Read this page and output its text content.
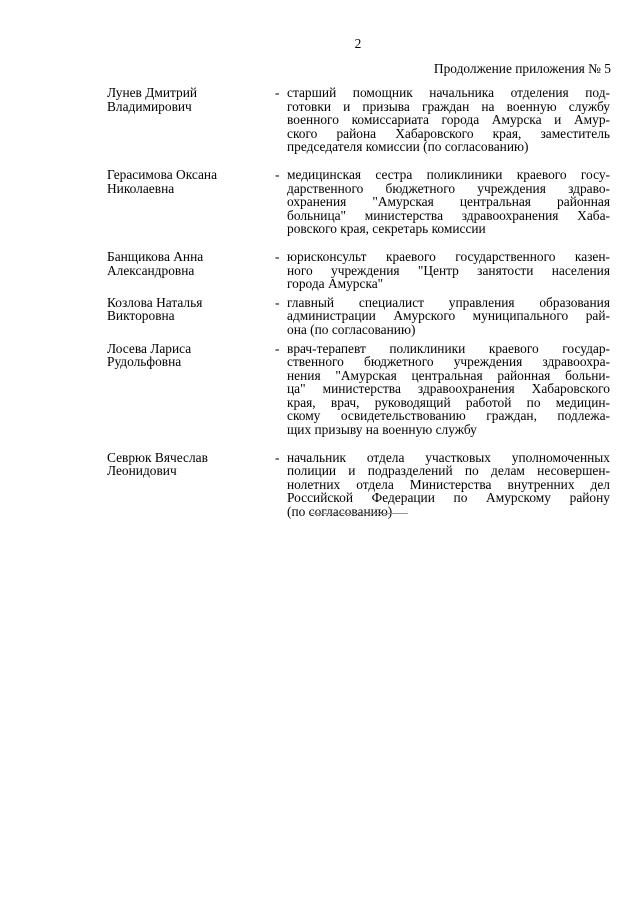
2
Продолжение приложения № 5
Лунев Дмитрий
Владимирович
- старший помощник начальника отделения под-
готовки и призыва граждан на военную службу
военного комиссариата города Амурска и Амур-
ского района Хабаровского края, заместитель
председателя комиссии (по согласованию)
Герасимова Оксана
Николаевна
- медицинская сестра поликлиники краевого госу-
дарственного бюджетного учреждения здраво-
охранения "Амурская центральная районная
больница" министерства здравоохранения Хаба-
ровского края, секретарь комиссии
Банщикова Анна
Александровна
- юрисконсульт краевого государственного казен-
ного учреждения "Центр занятости населения
города Амурска"
Козлова Наталья
Викторовна
- главный специалист управления образования
администрации Амурского муниципального рай-
она (по согласованию)
Лосева Лариса
Рудольфовна
- врач-терапевт поликлиники краевого государ-
ственного бюджетного учреждения здравоохра-
нения "Амурская центральная районная больни-
ца" министерства здравоохранения Хабаровского
края, врач, руководящий работой по медицин-
скому освидетельствованию граждан, подлежа-
щих призыву на военную службу
Севрюк Вячеслав
Леонидович
- начальник отдела участковых уполномоченных
полиции и подразделений по делам несовершен-
нолетних отдела Министерства внутренних дел
Российской Федерации по Амурскому району
(по согласованию)
